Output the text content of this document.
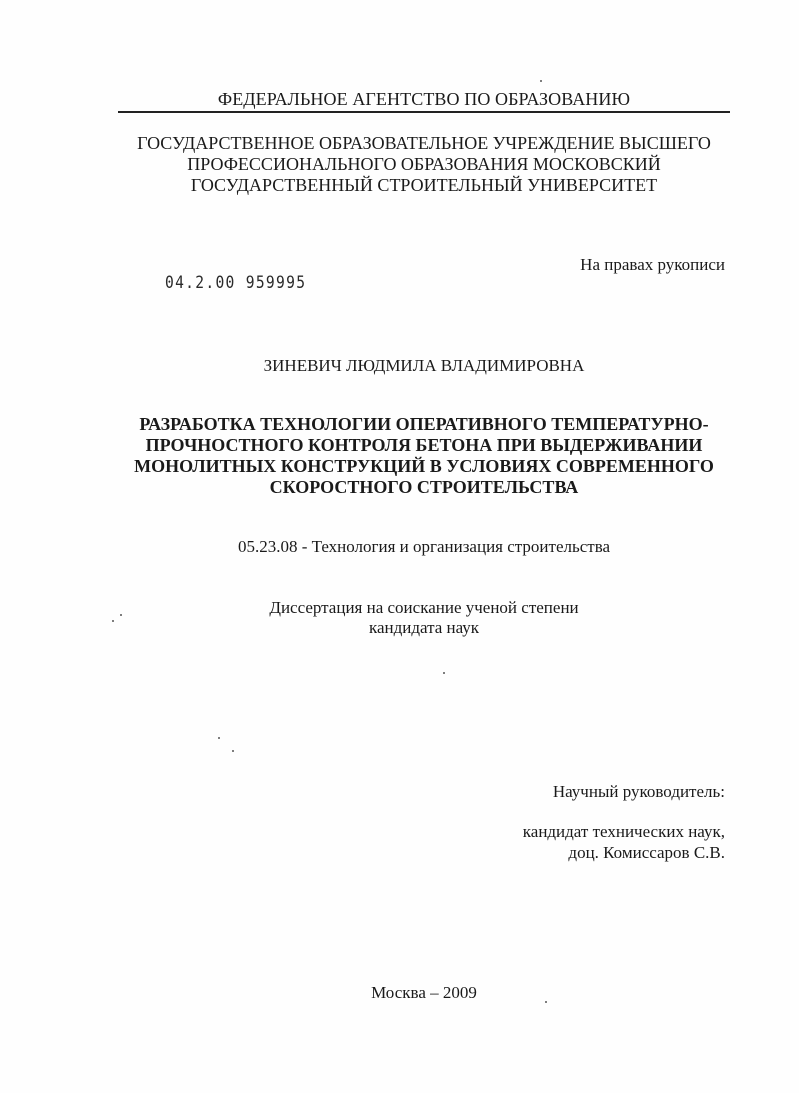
ФЕДЕРАЛЬНОЕ АГЕНТСТВО ПО ОБРАЗОВАНИЮ
ГОСУДАРСТВЕННОЕ ОБРАЗОВАТЕЛЬНОЕ УЧРЕЖДЕНИЕ ВЫСШЕГО
ПРОФЕССИОНАЛЬНОГО ОБРАЗОВАНИЯ МОСКОВСКИЙ
ГОСУДАРСТВЕННЫЙ СТРОИТЕЛЬНЫЙ УНИВЕРСИТЕТ
На правах рукописи
04.2.00 959995
ЗИНЕВИЧ ЛЮДМИЛА ВЛАДИМИРОВНА
РАЗРАБОТКА ТЕХНОЛОГИИ ОПЕРАТИВНОГО ТЕМПЕРАТУРНО-
ПРОЧНОСТНОГО КОНТРОЛЯ БЕТОНА ПРИ ВЫДЕРЖИВАНИИ
МОНОЛИТНЫХ КОНСТРУКЦИЙ В УСЛОВИЯХ СОВРЕМЕННОГО
СКОРОСТНОГО СТРОИТЕЛЬСТВА
05.23.08 - Технология и организация строительства
Диссертация на соискание ученой степени
кандидата наук
Научный руководитель:
кандидат технических наук,
доц. Комиссаров С.В.
Москва – 2009
